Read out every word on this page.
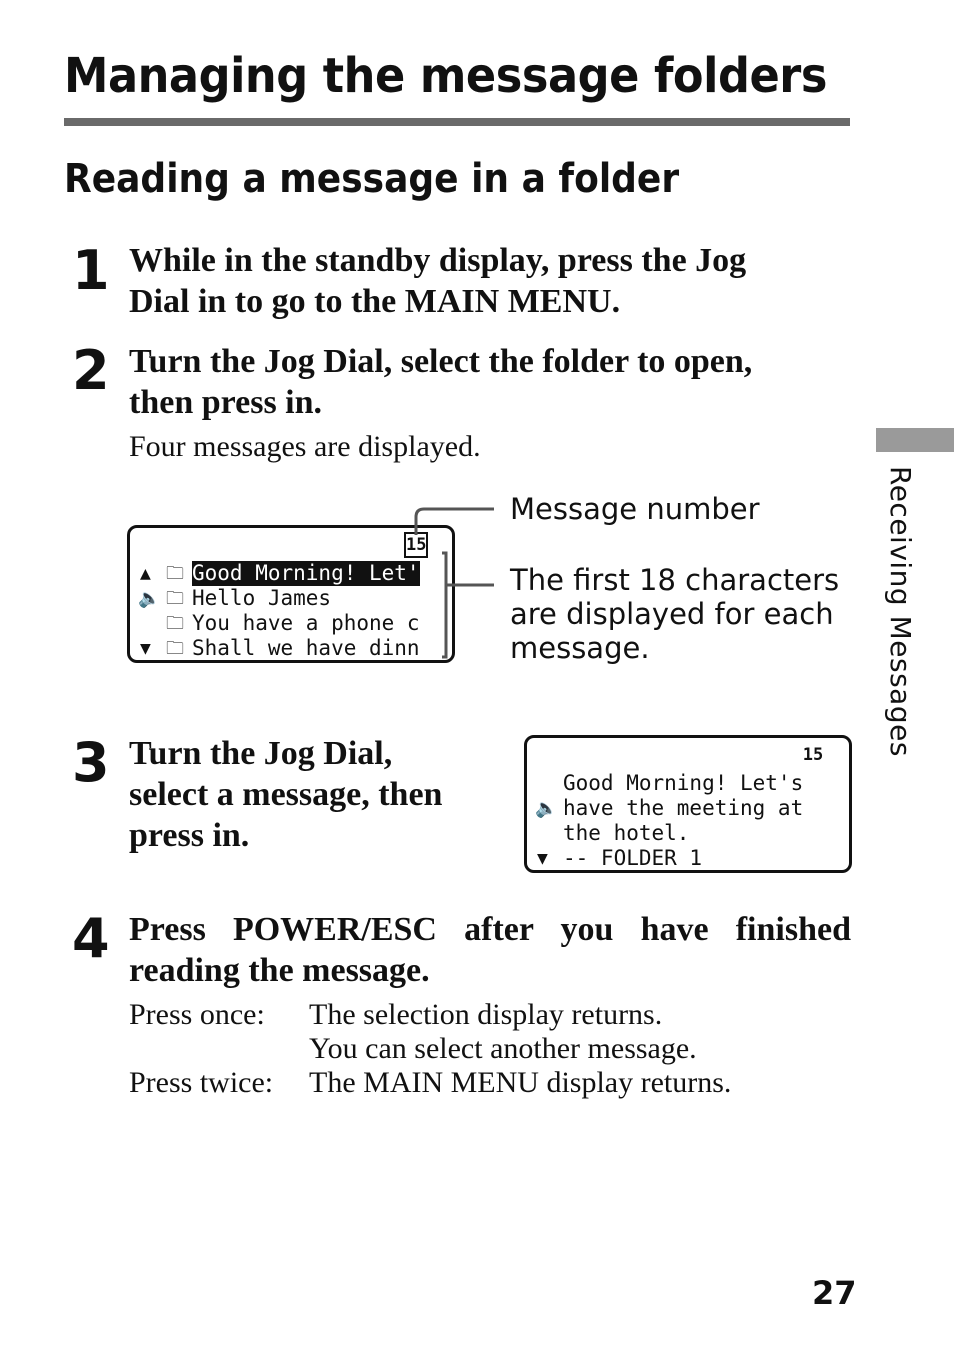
Managing the message folders
Reading a message in a folder
1 While in the standby display, press the Jog
Dial in to go to the MAIN MENU.
2 Turn the Jog Dial, select the folder to open,
then press in.
Four messages are displayed.
15
▲
🔈
▼
🗀
🗀
🗀
🗀
Good Morning! Let'
Hello James
You have a phone c
Shall we have dinn
Message number
The first 18 characters
are displayed for each
message.
3 Turn the Jog Dial,
select a message, then
press in.
15
🔈
▼
Good Morning! Let's
have the meeting at
the hotel.
-- FOLDER 1
4 Press POWER/ESC after you have finished
reading the message.
Press once: The selection display returns.
You can select another message.
Press twice: The MAIN MENU display returns.
Receiving Messages
27
